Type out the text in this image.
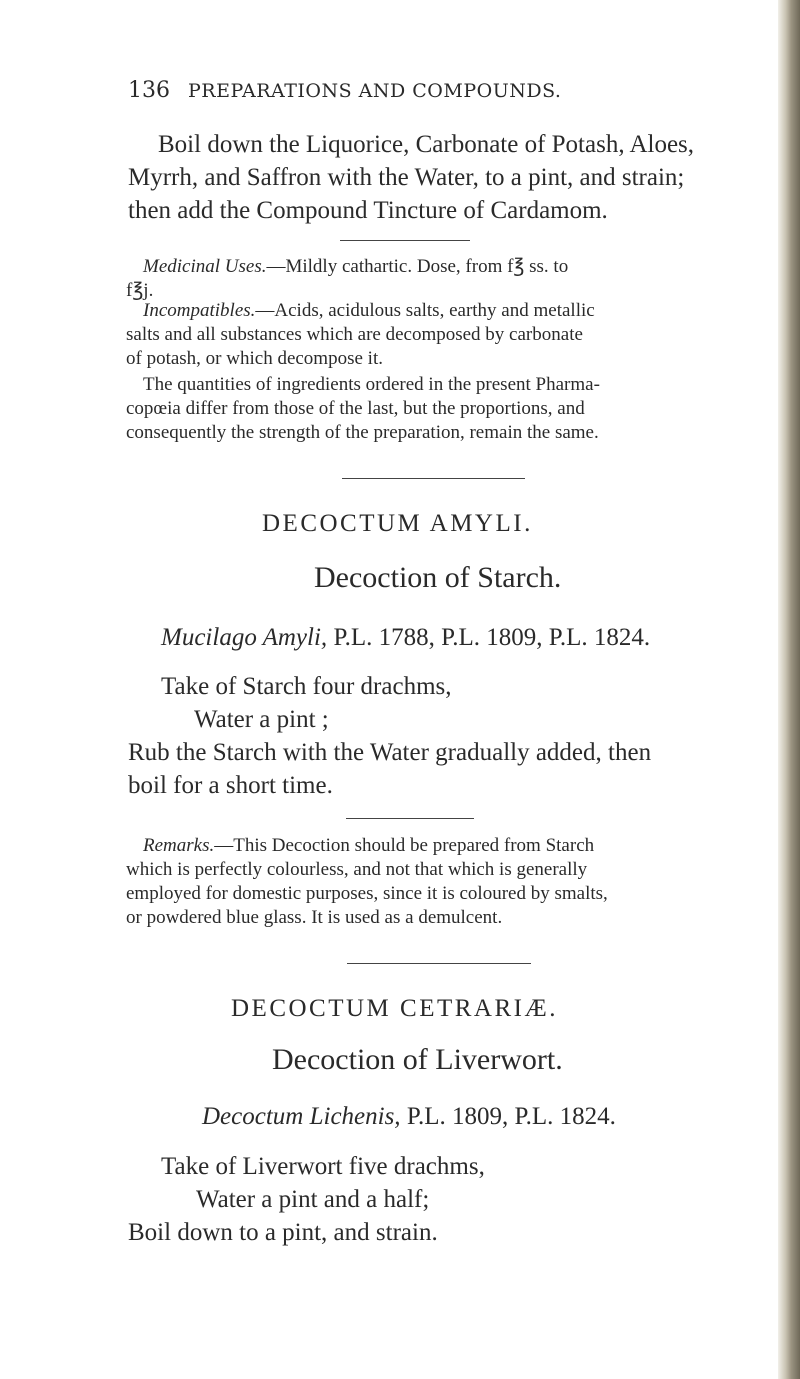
136 PREPARATIONS AND COMPOUNDS.
Boil down the Liquorice, Carbonate of Potash, Aloes,
Myrrh, and Saffron with the Water, to a pint, and strain;
then add the Compound Tincture of Cardamom.
Medicinal Uses.—Mildly cathartic. Dose, from f℥ ss. to
f℥j.
Incompatibles.—Acids, acidulous salts, earthy and metallic
salts and all substances which are decomposed by carbonate
of potash, or which decompose it.
The quantities of ingredients ordered in the present Pharma-
copœia differ from those of the last, but the proportions, and
consequently the strength of the preparation, remain the same.
DECOCTUM AMYLI.
Decoction of Starch.
Mucilago Amyli, P.L. 1788, P.L. 1809, P.L. 1824.
Take of Starch four drachms,
Water a pint ;
Rub the Starch with the Water gradually added, then
boil for a short time.
Remarks.—This Decoction should be prepared from Starch
which is perfectly colourless, and not that which is generally
employed for domestic purposes, since it is coloured by smalts,
or powdered blue glass. It is used as a demulcent.
DECOCTUM CETRARIÆ.
Decoction of Liverwort.
Decoctum Lichenis, P.L. 1809, P.L. 1824.
Take of Liverwort five drachms,
Water a pint and a half;
Boil down to a pint, and strain.
